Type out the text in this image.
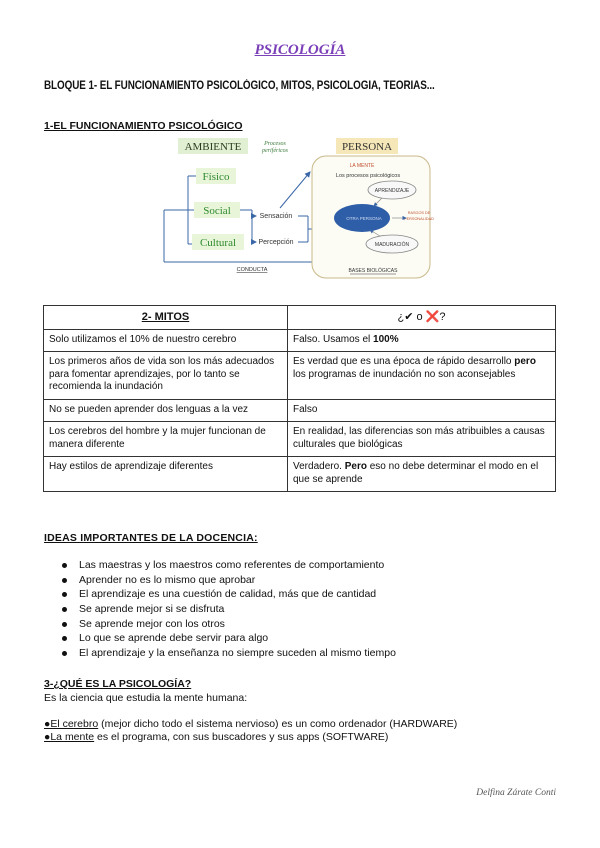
PSICOLOGÍA
BLOQUE 1- EL FUNCIONAMIENTO PSICOLÓGICO, MITOS, PSICOLOGIA, TEORIAS...
1-EL FUNCIONAMIENTO PSICOLÓGICO
AMBIENTE	Procesos
periféricos
Físico
Social
Cultural
Sensación
Percepción
CONDUCTA
PERSONA
LA MENTE
Los procesos psicológicos
APRENDIZAJE
OTRA PERSONA
RASGOS DE
PERSONALIDAD
MADURACIÓN
BASES BIOLÓGICAS
2- MITOS	¿✔ o ❌?
Solo utilizamos el 10% de nuestro cerebro	Falso. Usamos el 100%
Los primeros años de vida son los más adecuados para fomentar aprendizajes, por lo tanto se recomienda la inundación	Es verdad que es una época de rápido desarrollo pero los programas de inundación no son aconsejables
No se pueden aprender dos lenguas a la vez	Falso
Los cerebros del hombre y la mujer funcionan de manera diferente	En realidad, las diferencias son más atribuibles a causas culturales que biológicas
Hay estilos de aprendizaje diferentes	Verdadero. Pero eso no debe determinar el modo en el que se aprende
IDEAS IMPORTANTES DE LA DOCENCIA:
Las maestras y los maestros como referentes de comportamiento
Aprender no es lo mismo que aprobar
El aprendizaje es una cuestión de calidad, más que de cantidad
Se aprende mejor si se disfruta
Se aprende mejor con los otros
Lo que se aprende debe servir para algo
El aprendizaje y la enseñanza no siempre suceden al mismo tiempo
3-¿QUÉ ES LA PSICOLOGÍA?
Es la ciencia que estudia la mente humana:
●El cerebro (mejor dicho todo el sistema nervioso) es un como ordenador (HARDWARE)
●La mente es el programa, con sus buscadores y sus apps (SOFTWARE)
Delfina Zárate Conti
